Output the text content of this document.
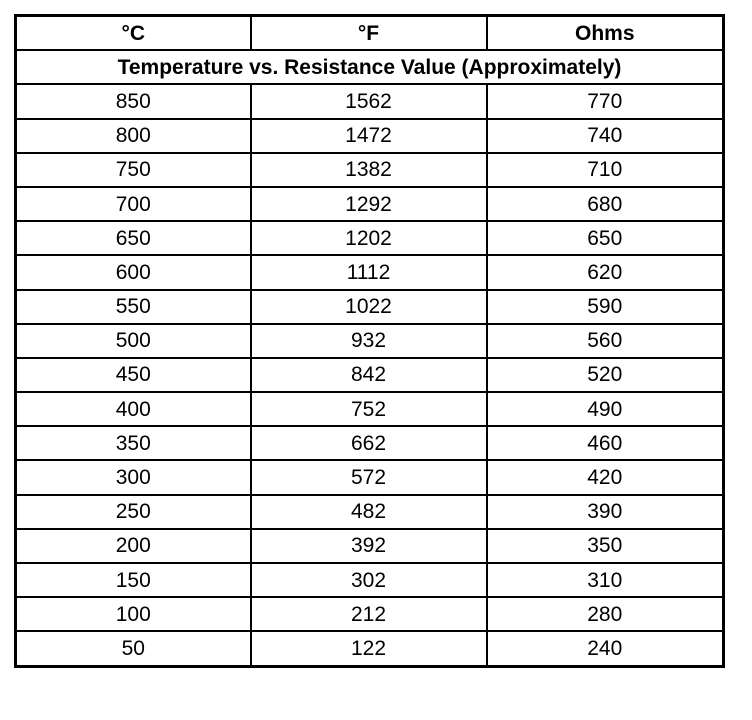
°C	°F	Ohms
Temperature vs. Resistance Value (Approximately)		
850	1562	770
800	1472	740
750	1382	710
700	1292	680
650	1202	650
600	1112	620
550	1022	590
500	932	560
450	842	520
400	752	490
350	662	460
300	572	420
250	482	390
200	392	350
150	302	310
100	212	280
50	122	240
